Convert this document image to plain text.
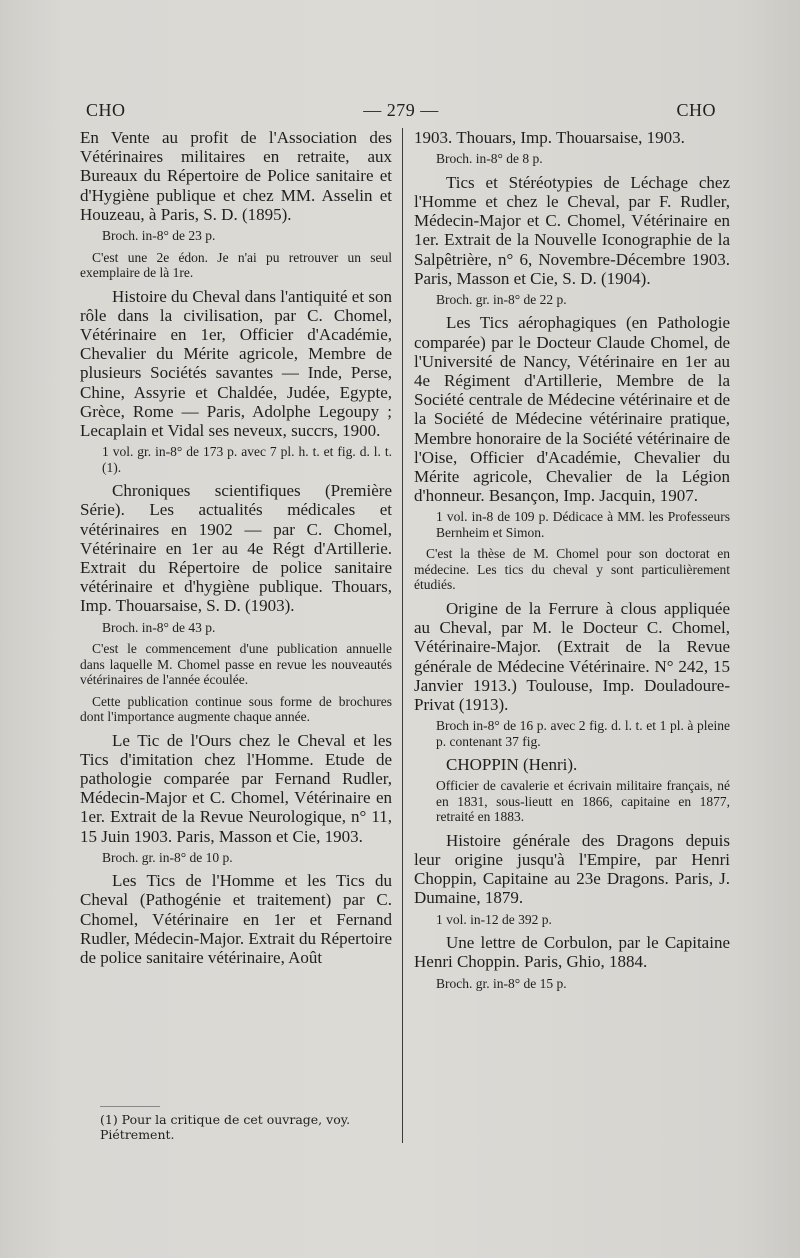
CHO	— 279 —	CHO
En Vente au profit de l'Association des Vétérinaires militaires en retraite, aux Bureaux du Répertoire de Police sanitaire et d'Hygiène publique et chez MM. Asselin et Houzeau, à Paris, S. D. (1895).
Broch. in-8° de 23 p.
C'est une 2e édon. Je n'ai pu retrouver un seul exemplaire de là 1re.
Histoire du Cheval dans l'antiquité et son rôle dans la civilisation, par C. Chomel, Vétérinaire en 1er, Officier d'Académie, Chevalier du Mérite agricole, Membre de plusieurs Sociétés savantes — Inde, Perse, Chine, Assyrie et Chaldée, Judée, Egypte, Grèce, Rome — Paris, Adolphe Legoupy ; Lecaplain et Vidal ses neveux, succrs, 1900.
1 vol. gr. in-8° de 173 p. avec 7 pl. h. t. et fig. d. l. t. (1).
Chroniques scientifiques (Première Série). Les actualités médicales et vétérinaires en 1902 — par C. Chomel, Vétérinaire en 1er au 4e Régt d'Artillerie. Extrait du Répertoire de police sanitaire vétérinaire et d'hygiène publique. Thouars, Imp. Thouarsaise, S. D. (1903).
Broch. in-8° de 43 p.
C'est le commencement d'une publication annuelle dans laquelle M. Chomel passe en revue les nouveautés vétérinaires de l'année écoulée.
Cette publication continue sous forme de brochures dont l'importance augmente chaque année.
Le Tic de l'Ours chez le Cheval et les Tics d'imitation chez l'Homme. Etude de pathologie comparée par Fernand Rudler, Médecin-Major et C. Chomel, Vétérinaire en 1er. Extrait de la Revue Neurologique, n° 11, 15 Juin 1903. Paris, Masson et Cie, 1903.
Broch. gr. in-8° de 10 p.
Les Tics de l'Homme et les Tics du Cheval (Pathogénie et traitement) par C. Chomel, Vétérinaire en 1er et Fernand Rudler, Médecin-Major. Extrait du Répertoire de police sanitaire vétérinaire, Août
1903. Thouars, Imp. Thouarsaise, 1903.
Broch. in-8° de 8 p.
Tics et Stéréotypies de Léchage chez l'Homme et chez le Cheval, par F. Rudler, Médecin-Major et C. Chomel, Vétérinaire en 1er. Extrait de la Nouvelle Iconographie de la Salpêtrière, n° 6, Novembre-Décembre 1903. Paris, Masson et Cie, S. D. (1904).
Broch. gr. in-8° de 22 p.
Les Tics aérophagiques (en Pathologie comparée) par le Docteur Claude Chomel, de l'Université de Nancy, Vétérinaire en 1er au 4e Régiment d'Artillerie, Membre de la Société centrale de Médecine vétérinaire et de la Société de Médecine vétérinaire pratique, Membre honoraire de la Société vétérinaire de l'Oise, Officier d'Académie, Chevalier du Mérite agricole, Chevalier de la Légion d'honneur. Besançon, Imp. Jacquin, 1907.
1 vol. in-8 de 109 p. Dédicace à MM. les Professeurs Bernheim et Simon.
C'est la thèse de M. Chomel pour son doctorat en médecine. Les tics du cheval y sont particulièrement étudiés.
Origine de la Ferrure à clous appliquée au Cheval, par M. le Docteur C. Chomel, Vétérinaire-Major. (Extrait de la Revue générale de Médecine Vétérinaire. N° 242, 15 Janvier 1913.) Toulouse, Imp. Douladoure-Privat (1913).
Broch in-8° de 16 p. avec 2 fig. d. l. t. et 1 pl. à pleine p. contenant 37 fig.
CHOPPIN (Henri).
Officier de cavalerie et écrivain militaire français, né en 1831, sous-lieutt en 1866, capitaine en 1877, retraité en 1883.
Histoire générale des Dragons depuis leur origine jusqu'à l'Empire, par Henri Choppin, Capitaine au 23e Dragons. Paris, J. Dumaine, 1879.
1 vol. in-12 de 392 p.
Une lettre de Corbulon, par le Capitaine Henri Choppin. Paris, Ghio, 1884.
Broch. gr. in-8° de 15 p.
(1) Pour la critique de cet ouvrage, voy. Piétrement.
